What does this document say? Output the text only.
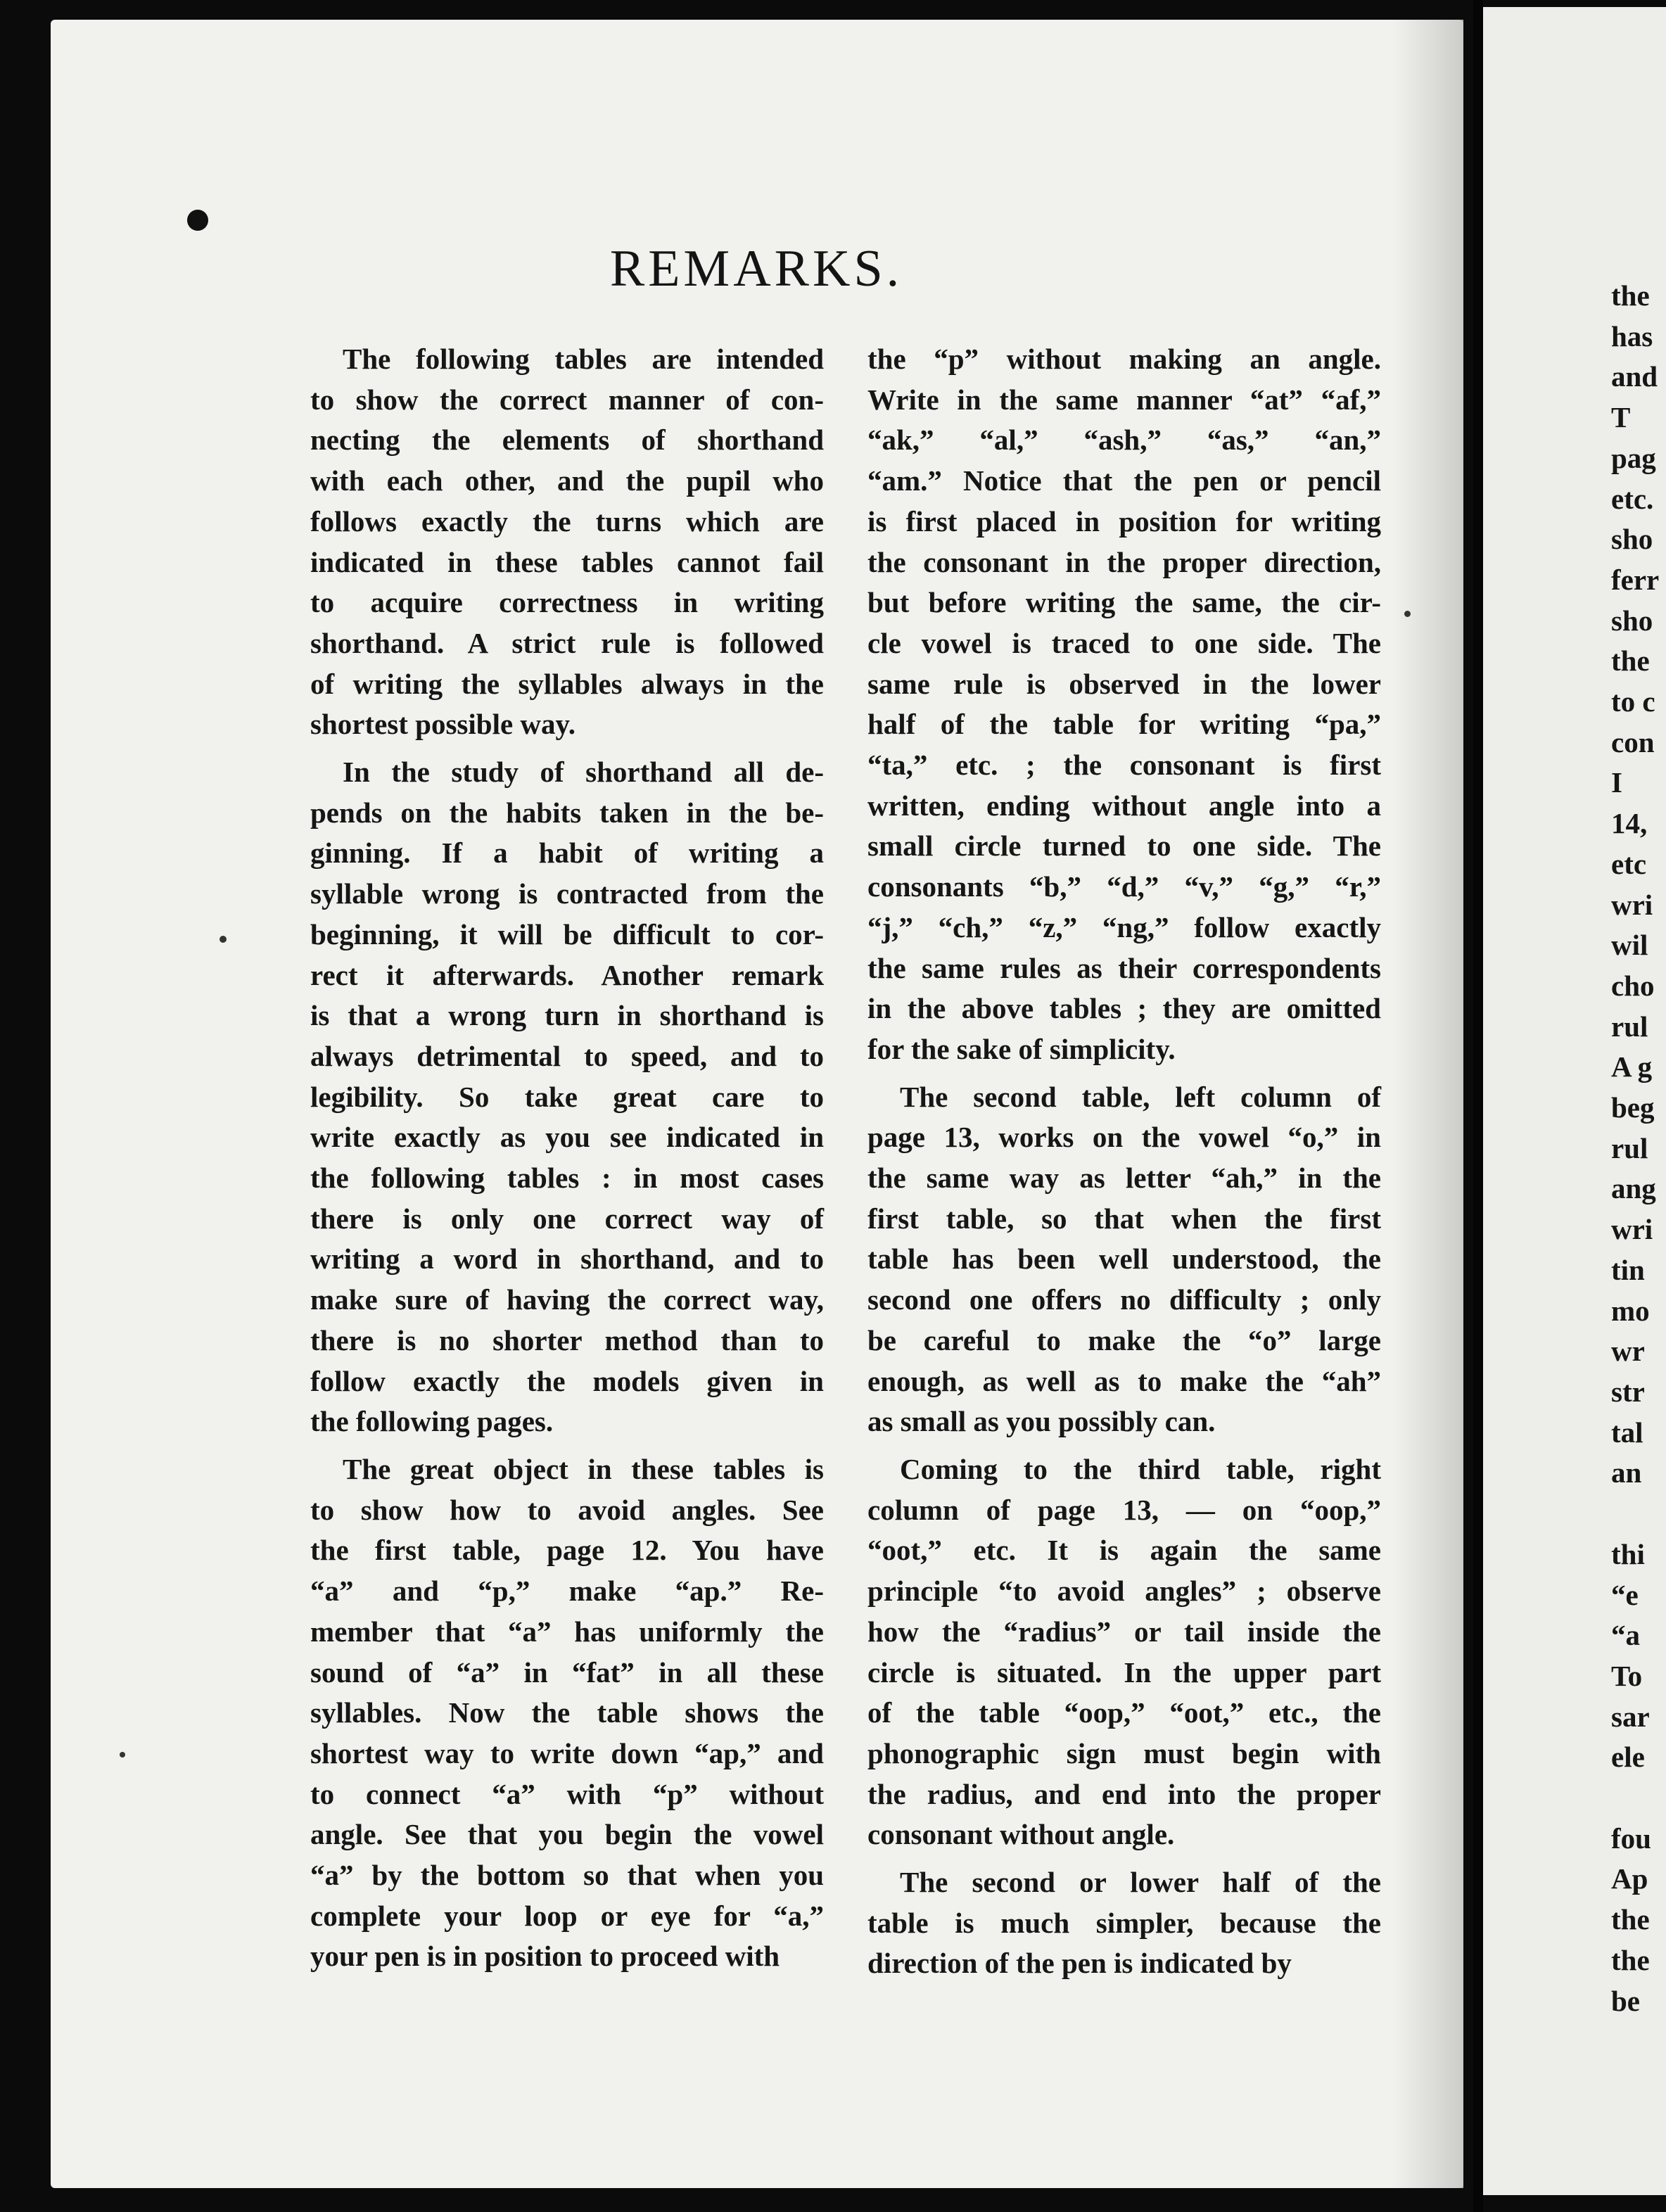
REMARKS.

The following tables are intended
to show the correct manner of con-
necting the elements of shorthand
with each other, and the pupil who
follows exactly the turns which are
indicated in these tables cannot fail
to acquire correctness in writing
shorthand. A strict rule is followed
of writing the syllables always in the
shortest possible way.

In the study of shorthand all de-
pends on the habits taken in the be-
ginning. If a habit of writing a
syllable wrong is contracted from the
beginning, it will be difficult to cor-
rect it afterwards. Another remark
is that a wrong turn in shorthand is
always detrimental to speed, and to
legibility. So take great care to
write exactly as you see indicated in
the following tables : in most cases
there is only one correct way of
writing a word in shorthand, and to
make sure of having the correct way,
there is no shorter method than to
follow exactly the models given in
the following pages.

The great object in these tables is
to show how to avoid angles. See
the first table, page 12. You have
“a” and “p,” make “ap.” Re-
member that “a” has uniformly the
sound of “a” in “fat” in all these
syllables. Now the table shows the
shortest way to write down “ap,” and
to connect “a” with “p” without
angle. See that you begin the vowel
“a” by the bottom so that when you
complete your loop or eye for “a,”
your pen is in position to proceed with

the “p” without making an angle.
Write in the same manner “at” “af,”
“ak,” “al,” “ash,” “as,” “an,”
“am.” Notice that the pen or pencil
is first placed in position for writing
the consonant in the proper direction,
but before writing the same, the cir-
cle vowel is traced to one side. The
same rule is observed in the lower
half of the table for writing “pa,”
“ta,” etc. ; the consonant is first
written, ending without angle into a
small circle turned to one side. The
consonants “b,” “d,” “v,” “g,” “r,”
“j,” “ch,” “z,” “ng,” follow exactly
the same rules as their correspondents
in the above tables ; they are omitted
for the sake of simplicity.

The second table, left column of
page 13, works on the vowel “o,” in
the same way as letter “ah,” in the
first table, so that when the first
table has been well understood, the
second one offers no difficulty ; only
be careful to make the “o” large
enough, as well as to make the “ah”
as small as you possibly can.

Coming to the third table, right
column of page 13, — on “oop,”
“oot,” etc. It is again the same
principle “to avoid angles” ; observe
how the “radius” or tail inside the
circle is situated. In the upper part
of the table “oop,” “oot,” etc., the
phonographic sign must begin with
the radius, and end into the proper
consonant without angle.

The second or lower half of the
table is much simpler, because the
direction of the pen is indicated by

the
has
and
T
pag
etc.
sho
ferr
sho
the
to c
con
I
14,
etc
wri
wil
cho
rul
A g
beg
rul
ang
wri
tin
mo
wr
str
tal
an

thi
“e
“a
To
sar
ele

fou
Ap
the
the
be
